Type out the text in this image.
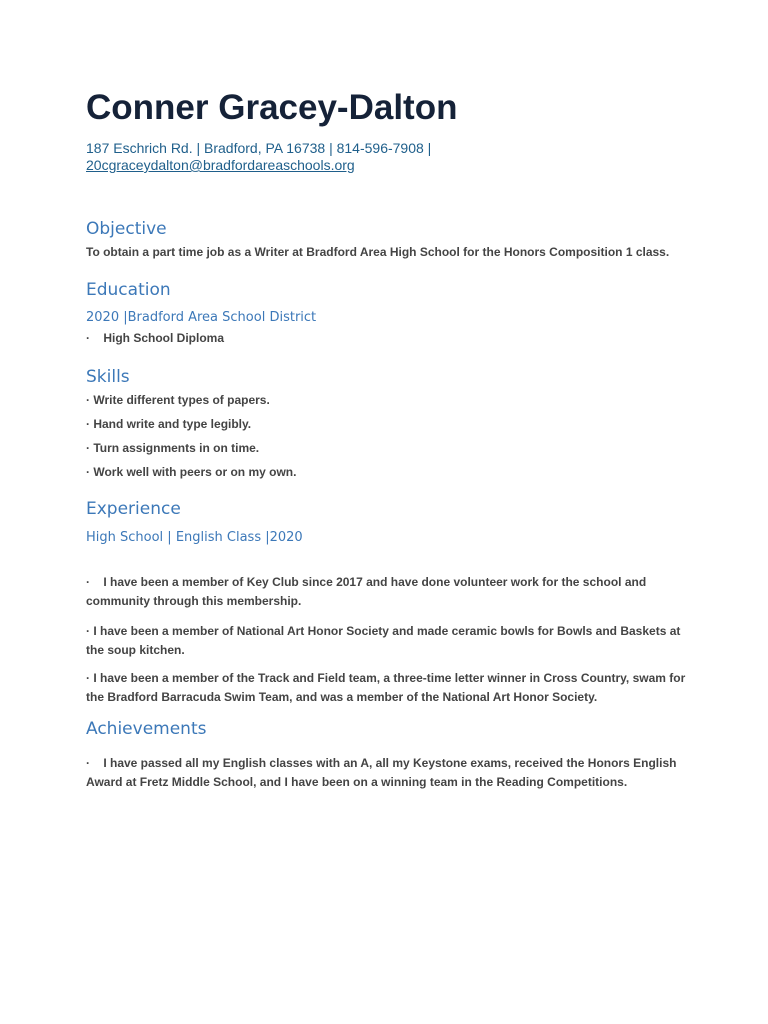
Conner Gracey-Dalton
187 Eschrich Rd. | Bradford, PA 16738 | 814-596-7908 |
20cgraceydalton@bradfordareaschools.org
Objective

To obtain a part time job as a Writer at Bradford Area High School for the Honors Composition 1 class.

Education

2020 |Bradford Area School District

·    High School Diploma

Skills

· Write different types of papers.

· Hand write and type legibly.

· Turn assignments in on time.

· Work well with peers or on my own.

Experience

High School | English Class |2020

·    I have been a member of Key Club since 2017 and have done volunteer work for the school and community through this membership.

· I have been a member of National Art Honor Society and made ceramic bowls for Bowls and Baskets at the soup kitchen.

· I have been a member of the Track and Field team, a three-time letter winner in Cross Country, swam for the Bradford Barracuda Swim Team, and was a member of the National Art Honor Society.

Achievements

·    I have passed all my English classes with an A, all my Keystone exams, received the Honors English Award at Fretz Middle School, and I have been on a winning team in the Reading Competitions.
